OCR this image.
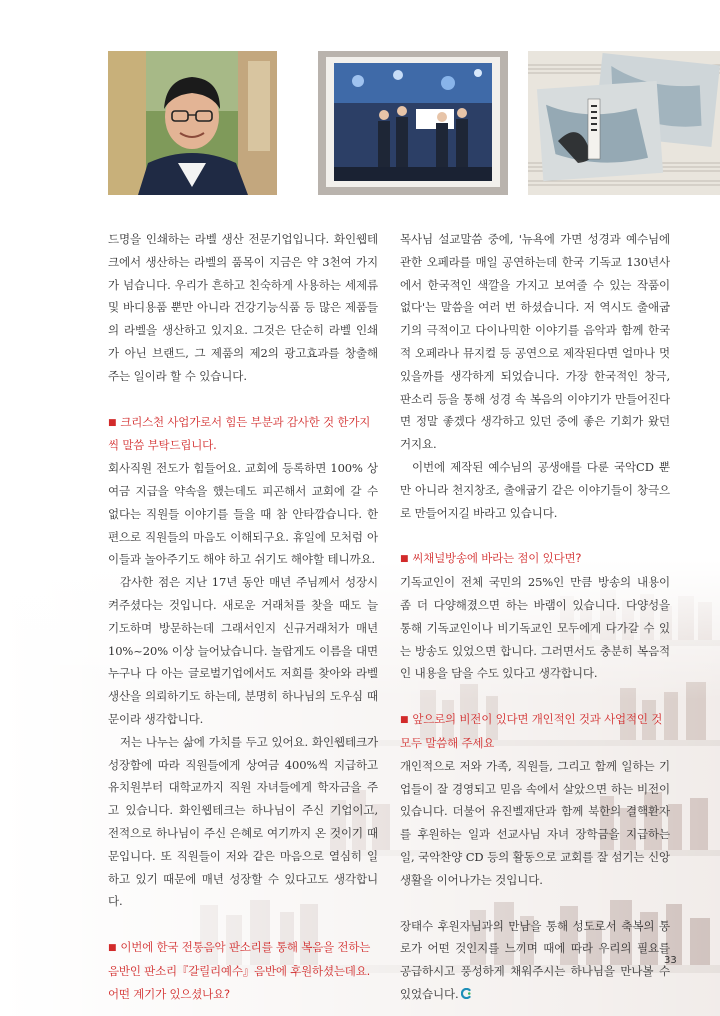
드명을 인쇄하는 라벨 생산 전문기업입니다. 화인웹테크에서 생산하는 라벨의 품목이 지금은 약 3천여 가지가 넘습니다. 우리가 흔하고 친숙하게 사용하는 세제류 및 바디용품 뿐만 아니라 건강기능식품 등 많은 제품들의 라벨을 생산하고 있지요. 그것은 단순히 라벨 인쇄가 아닌 브랜드, 그 제품의 제2의 광고효과를 창출해 주는 일이라 할 수 있습니다.

■ 크리스천 사업가로서 힘든 부분과 감사한 것 한가지씩 말씀 부탁드립니다.

회사직원 전도가 힘들어요. 교회에 등록하면 100% 상여금 지급을 약속을 했는데도 피곤해서 교회에 갈 수 없다는 직원들 이야기를 들을 때 참 안타깝습니다. 한편으로 직원들의 마음도 이해되구요. 휴일에 모처럼 아이들과 놀아주기도 해야 하고 쉬기도 해야할 테니까요.

감사한 점은 지난 17년 동안 매년 주님께서 성장시켜주셨다는 것입니다. 새로운 거래처를 찾을 때도 늘 기도하며 방문하는데 그래서인지 신규거래처가 매년 10%~20% 이상 늘어났습니다. 놀랍게도 이름을 대면 누구나 다 아는 글로벌기업에서도 저희를 찾아와 라벨 생산을 의뢰하기도 하는데, 분명히 하나님의 도우심 때문이라 생각합니다.

저는 나누는 삶에 가치를 두고 있어요. 화인웹테크가 성장함에 따라 직원들에게 상여금 400%씩 지급하고 유치원부터 대학교까지 직원 자녀들에게 학자금을 주고 있습니다. 화인웹테크는 하나님이 주신 기업이고, 전적으로 하나님이 주신 은혜로 여기까지 온 것이기 때문입니다. 또 직원들이 저와 같은 마음으로 열심히 일하고 있기 때문에 매년 성장할 수 있다고도 생각합니다.

■ 이번에 한국 전통음악 판소리를 통해 복음을 전하는 음반인 판소리『갈릴리예수』음반에 후원하셨는데요. 어떤 계기가 있으셨나요?

목사님 설교말씀 중에, '뉴욕에 가면 성경과 예수님에 관한 오페라를 매일 공연하는데 한국 기독교 130년사에서 한국적인 색깔을 가지고 보여줄 수 있는 작품이 없다'는 말씀을 여러 번 하셨습니다. 저 역시도 출애굽기의 극적이고 다이나믹한 이야기를 음악과 함께 한국적 오페라나 뮤지컬 등 공연으로 제작된다면 얼마나 멋있을까를 생각하게 되었습니다. 가장 한국적인 창극, 판소리 등을 통해 성경 속 복음의 이야기가 만들어진다면 정말 좋겠다 생각하고 있던 중에 좋은 기회가 왔던 거지요.

이번에 제작된 예수님의 공생애를 다룬 국악CD 뿐만 아니라 천지창조, 출애굽기 같은 이야기들이 창극으로 만들어지길 바라고 있습니다.

■ 씨채널방송에 바라는 점이 있다면?

기독교인이 전체 국민의 25%인 만큼 방송의 내용이 좀 더 다양해졌으면 하는 바램이 있습니다. 다양성을 통해 기독교인이나 비기독교인 모두에게 다가갈 수 있는 방송도 있었으면 합니다. 그러면서도 충분히 복음적인 내용을 담을 수도 있다고 생각합니다.

■ 앞으로의 비전이 있다면 개인적인 것과 사업적인 것 모두 말씀해 주세요

개인적으로 저와 가족, 직원들, 그리고 함께 일하는 기업들이 잘 경영되고 믿음 속에서 살았으면 하는 비전이 있습니다. 더불어 유진벨재단과 함께 북한의 결핵환자를 후원하는 일과 선교사님 자녀 장학금을 지급하는 일, 국악찬양 CD 등의 활동으로 교회를 잘 섬기는 신앙생활을 이어나가는 것입니다.

장태수 후원자님과의 만남을 통해 성도로서 축복의 통로가 어떤 것인지를 느끼며 때에 따라 우리의 필요를 공급하시고 풍성하게 채워주시는 하나님을 만나볼 수 있었습니다.

33
